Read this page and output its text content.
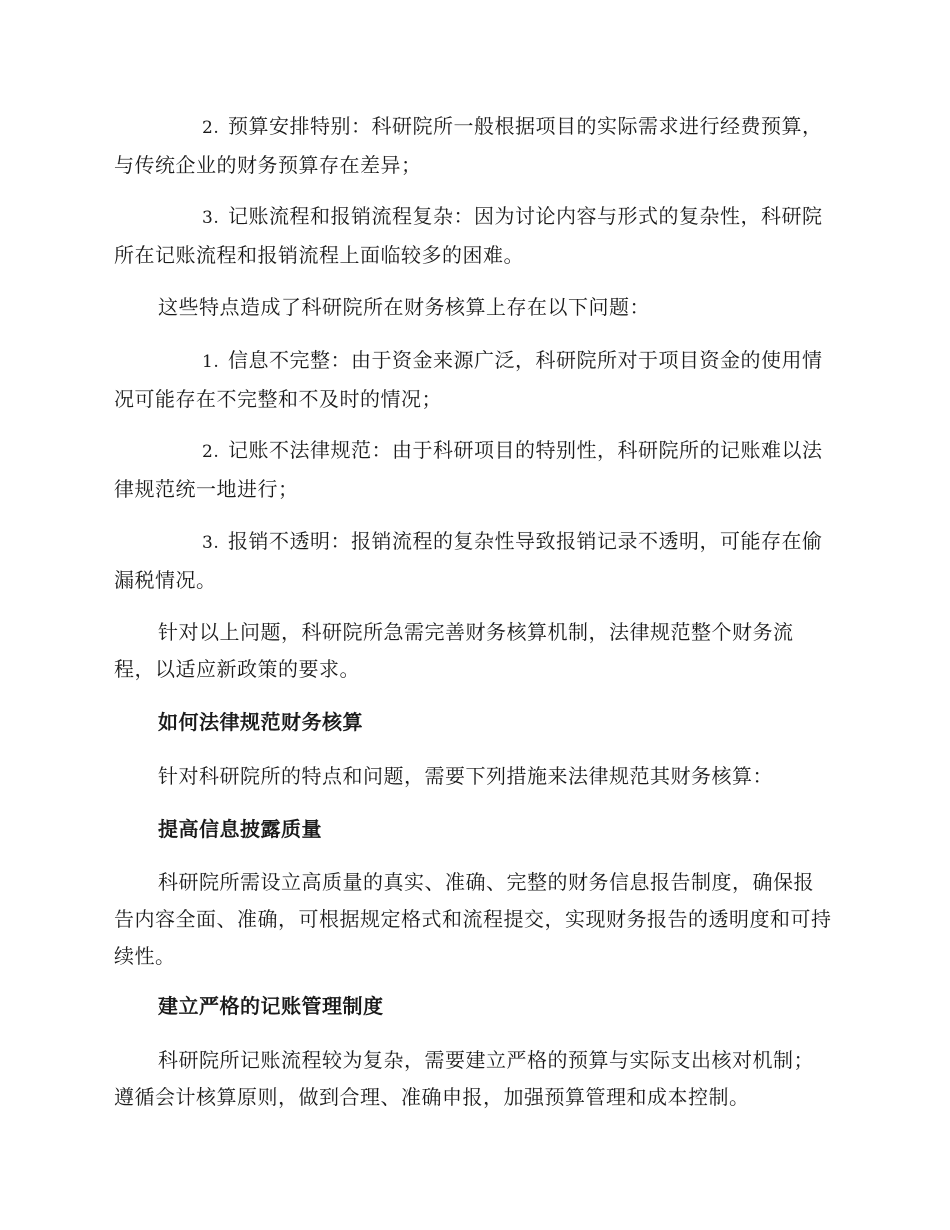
2. 预算安排特别：科研院所一般根据项目的实际需求进行经费预算，与传统企业的财务预算存在差异；
3. 记账流程和报销流程复杂：因为讨论内容与形式的复杂性，科研院所在记账流程和报销流程上面临较多的困难。
这些特点造成了科研院所在财务核算上存在以下问题：
1. 信息不完整：由于资金来源广泛，科研院所对于项目资金的使用情况可能存在不完整和不及时的情况；
2. 记账不法律规范：由于科研项目的特别性，科研院所的记账难以法律规范统一地进行；
3. 报销不透明：报销流程的复杂性导致报销记录不透明，可能存在偷漏税情况。
针对以上问题，科研院所急需完善财务核算机制，法律规范整个财务流程，以适应新政策的要求。
如何法律规范财务核算
针对科研院所的特点和问题，需要下列措施来法律规范其财务核算：
提高信息披露质量
科研院所需设立高质量的真实、准确、完整的财务信息报告制度，确保报告内容全面、准确，可根据规定格式和流程提交，实现财务报告的透明度和可持续性。
建立严格的记账管理制度
科研院所记账流程较为复杂，需要建立严格的预算与实际支出核对机制；遵循会计核算原则，做到合理、准确申报，加强预算管理和成本控制。
